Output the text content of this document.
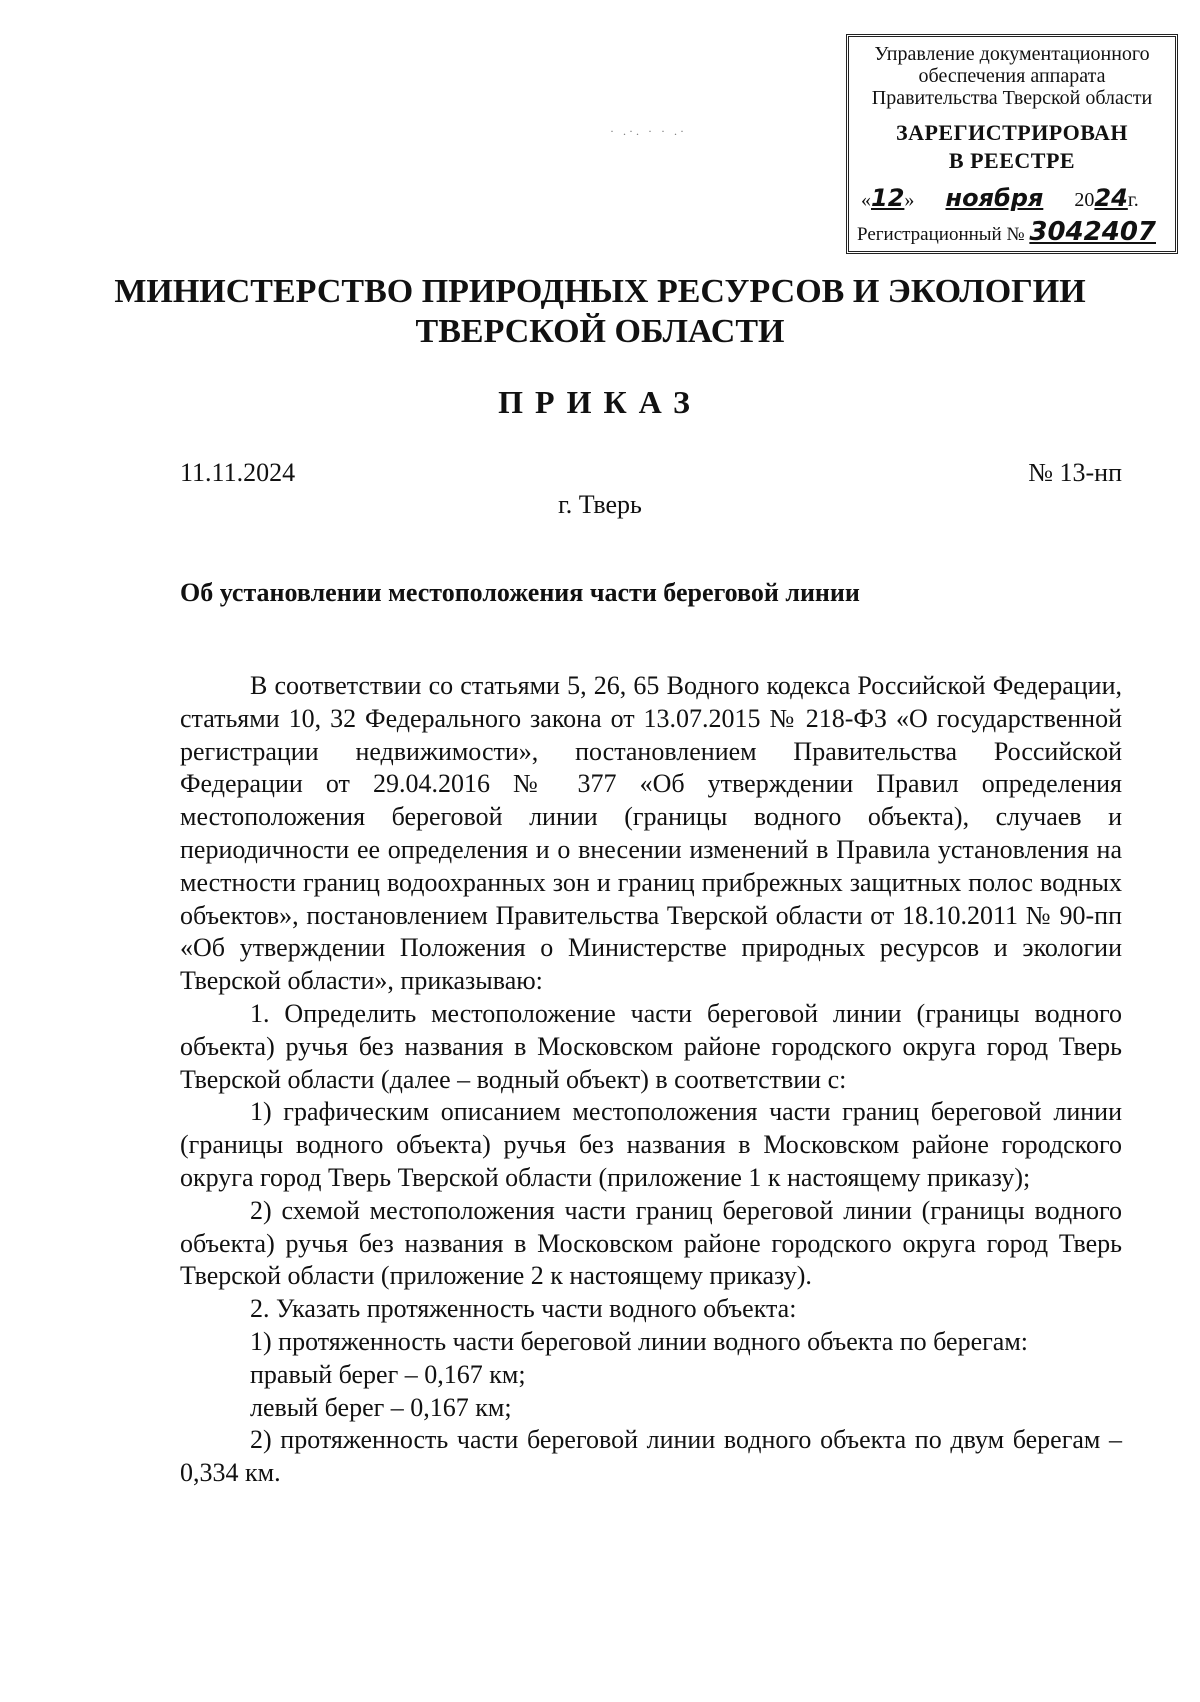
Управление документационного
обеспечения аппарата
Правительства Тверской области
ЗАРЕГИСТРИРОВАН
В РЕЕСТРЕ
«12» ноября 2024г.
Регистрационный № 3042407
· .·. · · .·
МИНИСТЕРСТВО ПРИРОДНЫХ РЕСУРСОВ И ЭКОЛОГИИ
ТВЕРСКОЙ ОБЛАСТИ
ПРИКАЗ
11.11.2024	№ 13-нп
г. Тверь
Об установлении местоположения части береговой линии

В соответствии со статьями 5, 26, 65 Водного кодекса Российской Федерации, статьями 10, 32 Федерального закона от 13.07.2015 № 218-ФЗ «О государственной регистрации недвижимости», постановлением Правительства Российской Федерации от 29.04.2016 № 377 «Об утверждении Правил определения местоположения береговой линии (границы водного объекта), случаев и периодичности ее определения и о внесении изменений в Правила установления на местности границ водоохранных зон и границ прибрежных защитных полос водных объектов», постановлением Правительства Тверской области от 18.10.2011 № 90-пп «Об утверждении Положения о Министерстве природных ресурсов и экологии Тверской области», приказываю:

1. Определить местоположение части береговой линии (границы водного объекта) ручья без названия в Московском районе городского округа город Тверь Тверской области (далее – водный объект) в соответствии с:

1) графическим описанием местоположения части границ береговой линии (границы водного объекта) ручья без названия в Московском районе городского округа город Тверь Тверской области (приложение 1 к настоящему приказу);

2) схемой местоположения части границ береговой линии (границы водного объекта) ручья без названия в Московском районе городского округа город Тверь Тверской области (приложение 2 к настоящему приказу).

2. Указать протяженность части водного объекта:

1) протяженность части береговой линии водного объекта по берегам:

правый берег – 0,167 км;

левый берег – 0,167 км;

2) протяженность части береговой линии водного объекта по двум берегам – 0,334 км.
